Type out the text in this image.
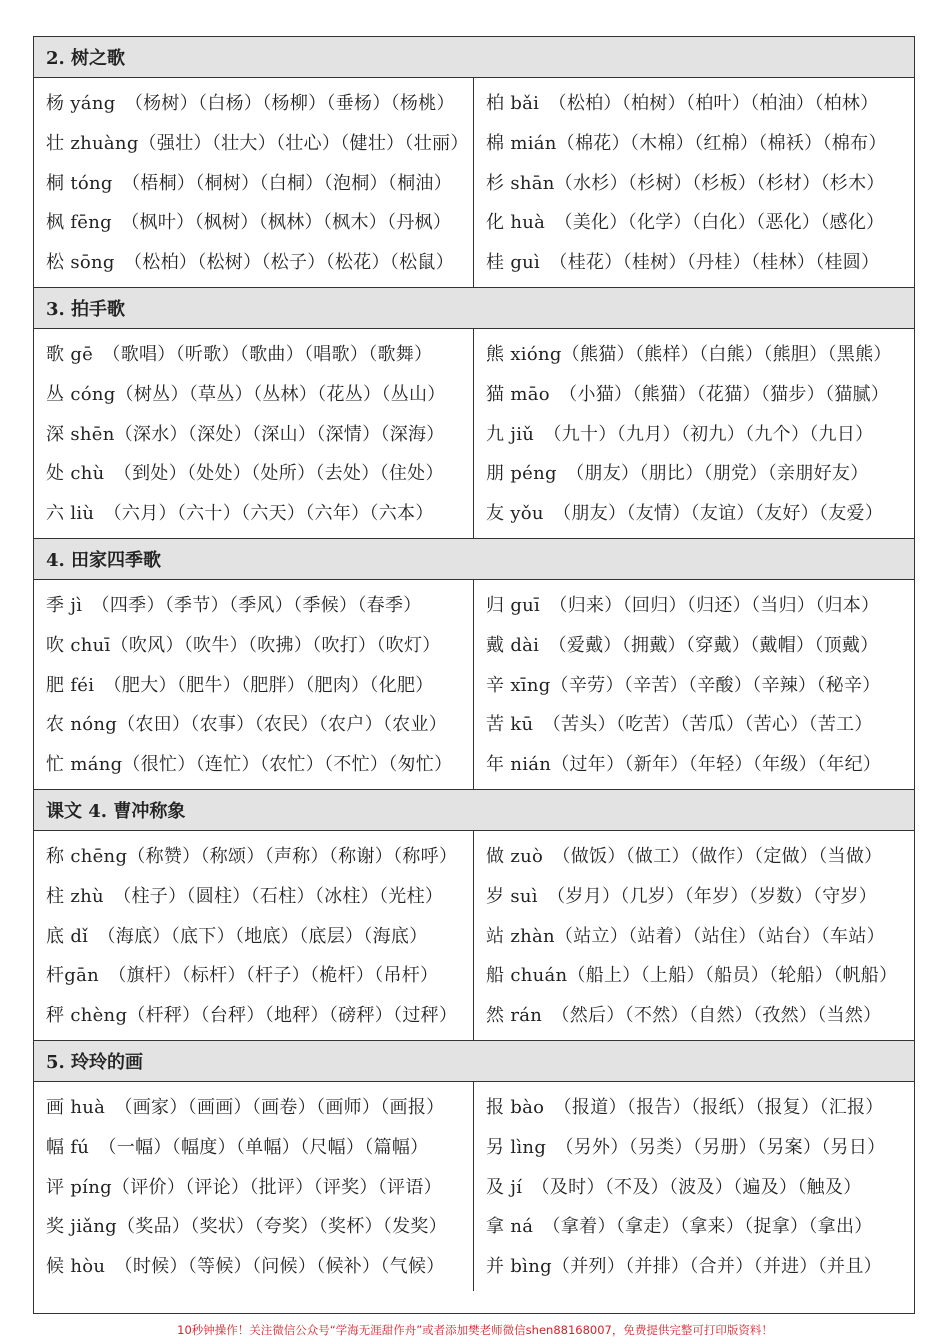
2. 树之歌
杨 yáng　（杨树）（白杨）（杨柳）（垂杨）（杨桃）
壮 zhuàng（强壮）（壮大）（壮心）（健壮）（壮丽）
桐 tóng　（梧桐）（桐树）（白桐）（泡桐）（桐油）
枫 fēng　（枫叶）（枫树）（枫林）（枫木）（丹枫）
松 sōng　（松柏）（松树）（松子）（松花）（松鼠）
柏 bǎi　（松柏）（柏树）（柏叶）（柏油）（柏林）
棉 mián（棉花）（木棉）（红棉）（棉袄）（棉布）
杉 shān（水杉）（杉树）（杉板）（杉材）（杉木）
化 huà　（美化）（化学）（白化）（恶化）（感化）
桂 guì　（桂花）（桂树）（丹桂）（桂林）（桂圆）
3. 拍手歌
歌 gē　（歌唱）（听歌）（歌曲）（唱歌）（歌舞）
丛 cóng（树丛）（草丛）（丛林）（花丛）（丛山）
深 shēn（深水）（深处）（深山）（深情）（深海）
处 chù　（到处）（处处）（处所）（去处）（住处）
六 liù　（六月）（六十）（六天）（六年）（六本）
熊 xióng（熊猫）（熊样）（白熊）（熊胆）（黑熊）
猫 māo　（小猫）（熊猫）（花猫）（猫步）（猫腻）
九 jiǔ　（九十）（九月）（初九）（九个）（九日）
朋 péng　（朋友）（朋比）（朋党）（亲朋好友）
友 yǒu　（朋友）（友情）（友谊）（友好）（友爱）
4. 田家四季歌
季 jì　（四季）（季节）（季风）（季候）（春季）
吹 chuī（吹风）（吹牛）（吹拂）（吹打）（吹灯）
肥 féi　（肥大）（肥牛）（肥胖）（肥肉）（化肥）
农 nóng（农田）（农事）（农民）（农户）（农业）
忙 máng（很忙）（连忙）（农忙）（不忙）（匆忙）
归 guī　（归来）（回归）（归还）（当归）（归本）
戴 dài　（爱戴）（拥戴）（穿戴）（戴帽）（顶戴）
辛 xīng（辛劳）（辛苦）（辛酸）（辛辣）（秘辛）
苦 kū　（苦头）（吃苦）（苦瓜）（苦心）（苦工）
年 nián（过年）（新年）（年轻）（年级）（年纪）
课文 4. 曹冲称象
称 chēng（称赞）（称颂）（声称）（称谢）（称呼）
柱 zhù　（柱子）（圆柱）（石柱）（冰柱）（光柱）
底 dǐ　（海底）（底下）（地底）（底层）（海底）
杆gān　（旗杆）（标杆）（杆子）（桅杆）（吊杆）
秤 chèng（杆秤）（台秤）（地秤）（磅秤）（过秤）
做 zuò　（做饭）（做工）（做作）（定做）（当做）
岁 suì　（岁月）（几岁）（年岁）（岁数）（守岁）
站 zhàn（站立）（站着）（站住）（站台）（车站）
船 chuán（船上）（上船）（船员）（轮船）（帆船）
然 rán　（然后）（不然）（自然）（孜然）（当然）
5. 玲玲的画
画 huà　（画家）（画画）（画卷）（画师）（画报）
幅 fú　（一幅）（幅度）（单幅）（尺幅）（篇幅）
评 píng（评价）（评论）（批评）（评奖）（评语）
奖 jiǎng（奖品）（奖状）（夸奖）（奖杯）（发奖）
候 hòu　（时候）（等候）（问候）（候补）（气候）
报 bào　（报道）（报告）（报纸）（报复）（汇报）
另 lìng　（另外）（另类）（另册）（另案）（另日）
及 jí　（及时）（不及）（波及）（遍及）（触及）
拿 ná　（拿着）（拿走）（拿来）（捉拿）（拿出）
并 bìng（并列）（并排）（合并）（并进）（并且）
10秒钟操作！关注微信公众号“学海无涯甜作舟”或者添加樊老师微信shen88168007，免费提供完整可打印版资料！
